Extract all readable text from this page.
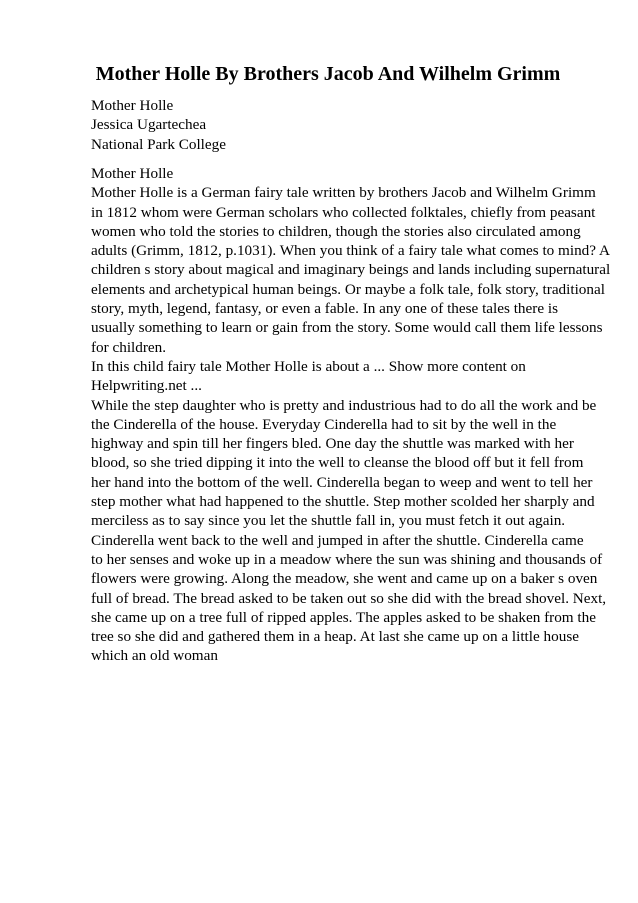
Mother Holle By Brothers Jacob And Wilhelm Grimm
Mother Holle
Jessica Ugartechea
National Park College
Mother Holle
Mother Holle is a German fairy tale written by brothers Jacob and Wilhelm Grimm
in 1812 whom were German scholars who collected folktales, chiefly from peasant
women who told the stories to children, though the stories also circulated among
adults (Grimm, 1812, p.1031). When you think of a fairy tale what comes to mind? A
children s story about magical and imaginary beings and lands including supernatural
elements and archetypical human beings. Or maybe a folk tale, folk story, traditional
story, myth, legend, fantasy, or even a fable. In any one of these tales there is
usually something to learn or gain from the story. Some would call them life lessons
for children.
In this child fairy tale Mother Holle is about a ... Show more content on
Helpwriting.net ...
While the step daughter who is pretty and industrious had to do all the work and be
the Cinderella of the house. Everyday Cinderella had to sit by the well in the
highway and spin till her fingers bled. One day the shuttle was marked with her
blood, so she tried dipping it into the well to cleanse the blood off but it fell from
her hand into the bottom of the well. Cinderella began to weep and went to tell her
step mother what had happened to the shuttle. Step mother scolded her sharply and
merciless as to say since you let the shuttle fall in, you must fetch it out again.
Cinderella went back to the well and jumped in after the shuttle. Cinderella came
to her senses and woke up in a meadow where the sun was shining and thousands of
flowers were growing. Along the meadow, she went and came up on a baker s oven
full of bread. The bread asked to be taken out so she did with the bread shovel. Next,
she came up on a tree full of ripped apples. The apples asked to be shaken from the
tree so she did and gathered them in a heap. At last she came up on a little house
which an old woman
